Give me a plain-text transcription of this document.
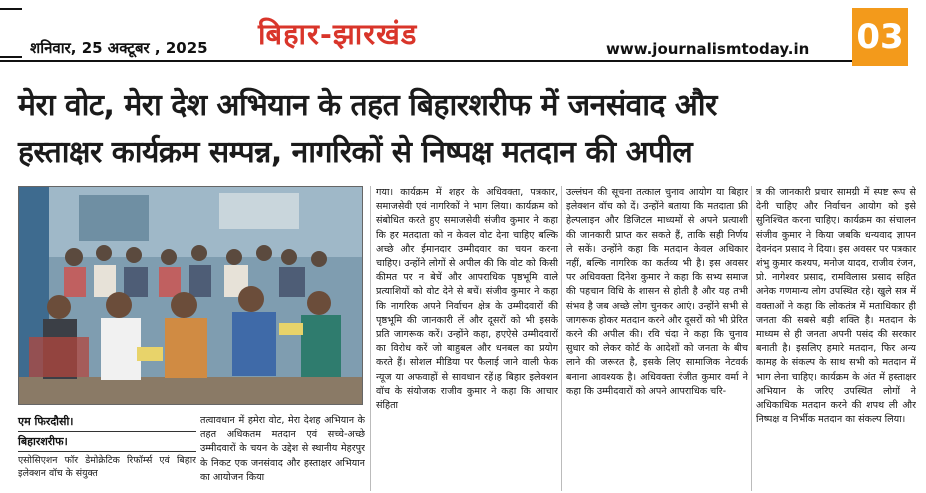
शनिवार, 25 अक्टूबर , 2025 बिहार-झारखंड	www.journalismtoday.in 03
मेरा वोट, मेरा देश अभियान के तहत बिहारशरीफ में जनसंवाद और
हस्ताक्षर कार्यक्रम सम्पन्न, नागरिकों से निष्पक्ष मतदान की अपील
एम फिरदौसी।
बिहारशरीफ।
एसोसिएशन फॉर डेमोक्रेटिक रिफॉर्म्स एवं बिहार इलेक्शन वॉच के संयुक्त
तत्वावधान में हमेरा वोट, मेरा देशह अभियान के तहत अधिकतम मतदान एवं सच्चे-अच्छे उम्मीदवारों के चयन के उद्देश से स्थानीय मेहरपुर के निकट एक जनसंवाद और हस्ताक्षर अभियान का आयोजन किया
गया। कार्यक्रम में शहर के अधिवक्ता, पत्रकार, समाजसेवी एवं नागरिकों ने भाग लिया। कार्यक्रम को संबोधित करते हुए समाजसेवी संजीव कुमार ने कहा कि हर मतदाता को न केवल वोट देना चाहिए बल्कि अच्छे और ईमानदार उम्मीदवार का चयन करना चाहिए। उन्होंने लोगों से अपील की कि वोट को किसी कीमत पर न बेचें और आपराधिक पृष्ठभूमि वाले प्रत्याशियों को वोट देने से बचें। संजीव कुमार ने कहा कि नागरिक अपने निर्वाचन क्षेत्र के उम्मीदवारों की पृष्ठभूमि की जानकारी लें और दूसरों को भी इसके प्रति जागरूक करें। उन्होंने कहा, हएऐसे उम्मीदवारों का विरोध करें जो बाहुबल और धनबल का प्रयोग करते हैं। सोशल मीडिया पर फैलाई जाने वाली फेक न्यूज या अफवाहों से सावधान रहें।ह बिहार इलेक्शन वॉच के संयोजक राजीव कुमार ने कहा कि आचार संहिता
उल्लंघन की सूचना तत्काल चुनाव आयोग या बिहार इलेक्शन वॉच को दें। उन्होंने बताया कि मतदाता फ्री हेल्पलाइन और डिजिटल माध्यमों से अपने प्रत्याशी की जानकारी प्राप्त कर सकते हैं, ताकि सही निर्णय ले सकें। उन्होंने कहा कि मतदान केवल अधिकार नहीं, बल्कि नागरिक का कर्तव्य भी है। इस अवसर पर अधिवक्ता दिनेश कुमार ने कहा कि सभ्य समाज की पहचान विधि के शासन से होती है और यह तभी संभव है जब अच्छे लोग चुनकर आएं। उन्होंने सभी से जागरूक होकर मतदान करने और दूसरों को भी प्रेरित करने की अपील की। रवि चंदा ने कहा कि चुनाव सुधार को लेकर कोर्ट के आदेशों को जनता के बीच लाने की जरूरत है, इसके लिए सामाजिक नेटवर्क बनाना आवश्यक है। अधिवक्ता रंजीत कुमार वर्मा ने कहा कि उम्मीदवारों को अपने आपराधिक चरि-
त्र की जानकारी प्रचार सामग्री में स्पष्ट रूप से देनी चाहिए और निर्वाचन आयोग को इसे सुनिश्चित करना चाहिए। कार्यक्रम का संचालन संजीव कुमार ने किया जबकि धन्यवाद ज्ञापन देवनंदन प्रसाद ने दिया। इस अवसर पर पत्रकार शंभु कुमार कश्यप, मनोज यादव, राजीव रंजन, प्रो. नागेश्वर प्रसाद, रामविलास प्रसाद सहित अनेक गणमान्य लोग उपस्थित रहे। खुले सत्र में वक्ताओं ने कहा कि लोकतंत्र में मताधिकार ही जनता की सबसे बड़ी शक्ति है। मतदान के माध्यम से ही जनता अपनी पसंद की सरकार बनाती है। इसलिए हमारे मतदान, फिर अन्य कामह के संकल्प के साथ सभी को मतदान में भाग लेना चाहिए। कार्यक्रम के अंत में हस्ताक्षर अभियान के जरिए उपस्थित लोगों ने अधिकाधिक मतदान करने की शपथ ली और निष्पक्ष व निर्भीक मतदान का संकल्प लिया।
